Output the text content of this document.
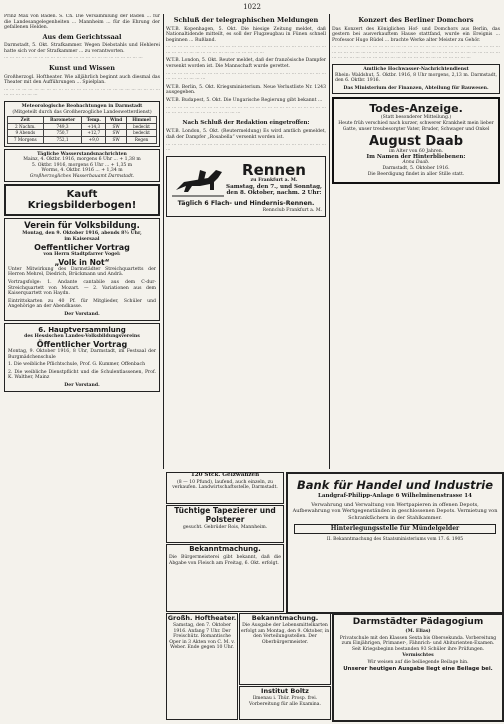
1022

Prinz Max von Baden. S. Ch. Die Versammlung der Baden ... für die Landesangelegenheiten ... Mannheim ... für die Ehrung der gefallenen Helden.

Aus dem Gerichtssaal

Darmstadt, 5. Okt. Strafkammer. Wegen Diebstahls und Hehlerei hatte sich vor der Strafkammer ... zu verantworten.

··· ··· ··· ··· ··· ··· ··· ··· ··· ··· ··· ··· ··· ··· ··· ··· ··· ··· ··· ··· ··· ··· ··· ···

Kunst und Wissen

Großherzogl. Hoftheater. Wie alljährlich beginnt auch diesmal das Theater mit den Aufführungen ... Spielplan.

··· ··· ··· ··· ··· ··· ··· ··· ··· ··· ··· ··· ··· ··· ··· ··· ··· ··· ··· ··· ··· ··· ··· ··· ··· ··· ··· ··· ··· ··· ··· ···

Meteorologische Beobachtungen in Darmstadt
(Mitgeteilt durch das Großherzogliche Landeswetterdienst)
Zeit	Barometer	Temp.	Wind	Himmel
2 Nachm.	749,3	+14,3	SW	bedeckt
9 Abends	750,7	+12,7	SW	bedeckt
7 Morgens	752,1	+9,0	SW	Regen
Tägliche Wasserstandsnachrichten
Mainz, 4. Oktbr. 1916, morgens 6 Uhr ... + 1,38 m
5. Oktbr. 1916, morgens 6 Uhr ... + 1,35 m
Worms, 4. Oktbr. 1916 ... + 1,34 m
Großherzogliches Wasserbauamt Darmstadt.
Kauft
Kriegsbilderbogen!
Verein für Volksbildung.
Montag, den 9. Oktober 1916, abends 8½ Uhr,
im Kaisersaal
Oeffentlicher Vortrag
von Herrn Stadtpfarrer Vogel:
„Volk in Not“

Unter Mitwirkung des Darmstädter Streichquartetts der Herren Mehrel, Diedrich, Brückmann und Andrä.

Vortragsfolge: 1. Andante cantabile aus dem C-dur-Streichquartett von Mozart. — 2. Variationen aus dem Kaiserquartett von Haydn.

Eintrittskarten zu 40 Pf. für Mitglieder, Schüler und Angehörige an der Abendkasse.

Der Vorstand.
6. Hauptversammlung
des Hessischen Landes-Volksbildungsvereins
Öffentlicher Vortrag

Montag, 9. Oktober 1916, 8 Uhr, Darmstadt, im Festsaal der Burgmädchenschule

1. Die weibliche Pflichtschule, Prof. G. Kummer, Offenbach

2. Die weibliche Dienstpflicht und die Schulentlassenen, Prof. K. Walther, Mainz

Der Vorstand.
Schluß der telegraphischen Meldungen

W.T.B. Kopenhagen, 5. Okt. Die hiesige Zeitung meldet, daß Nationaltidende mitteilt, es soll der Flugzeugbau in Fünen schnell beginnen ... Rußland.

··· ··· ··· ··· ··· ··· ··· ··· ··· ··· ··· ··· ··· ··· ··· ··· ··· ··· ··· ··· ··· ··· ··· ··· ··· ··· ··· ··· ··· ··· ··· ··· ··· ··· ··· ··· ··· ··· ··· ··· ··· ··· ··· ···

W.T.B. London, 5. Okt. Reuter meldet, daß der französische Dampfer versenkt worden ist. Die Mannschaft wurde gerettet.

··· ··· ··· ··· ··· ··· ··· ··· ··· ··· ··· ··· ··· ··· ··· ··· ··· ··· ··· ··· ··· ··· ··· ··· ··· ··· ··· ··· ··· ··· ··· ··· ··· ···

W.T.B. Berlin, 5. Okt. Kriegsministerium. Neue Verlustliste Nr. 1243 ausgegeben.

W.T.B. Budapest, 5. Okt. Die Ungarische Regierung gibt bekannt ...

··· ··· ··· ··· ··· ··· ··· ··· ··· ··· ··· ··· ··· ··· ··· ··· ··· ··· ··· ··· ··· ··· ··· ··· ··· ··· ··· ··· ··· ··· ··· ··· ··· ··· ··· ··· ··· ··· ··· ···

Nach Schluß der Redaktion eingetroffen:

W.T.B. London, 5. Okt. (Reutermeldung) Es wird amtlich gemeldet, daß der Dampfer „Rosabella“ versenkt worden ist.

··· ··· ··· ··· ··· ··· ··· ··· ··· ··· ··· ··· ··· ··· ··· ··· ··· ··· ··· ··· ··· ··· ··· ··· ··· ··· ··· ···

Rennen
zu Frankfurt a. M.
Samstag, den 7., und Sonntag, den 8. Oktober, nachm. 2 Uhr:
Täglich 6 Flach- und Hindernis-Rennen.
Rennclub Frankfurt a. M.
Konzert des Berliner Domchors

Das Konzert des Königlichen Hof- und Domchors aus Berlin, das gestern bei ausverkauftem Hause stattfand, wurde ein Ereignis ... Professor Hugo Rüdel ... brachte Werke alter Meister zu Gehör.

··· ··· ··· ··· ··· ··· ··· ··· ··· ··· ··· ··· ··· ··· ··· ··· ··· ··· ··· ··· ··· ··· ··· ··· ··· ··· ··· ··· ··· ··· ··· ··· ··· ··· ··· ··· ··· ··· ··· ··· ··· ··· ··· ··· ··· ··· ··· ··· ··· ··· ··· ··· ··· ··· ··· ··· ··· ··· ··· ··· ··· ··· ··· ··· ··· ··· ··· ··· ··· ··· ··· ··· ··· ··· ··· ··· ··· ··· ··· ··· ··· ···

Amtliche Hochwasser-Nachrichtendienst

Rhein: Waldshut, 5. Oktbr. 1916, 8 Uhr morgens, 2,13 m. Darmstadt, den 6. Oktbr. 1916.

Das Ministerium der Finanzen, Abteilung für Bauwesen.
Todes-Anzeige.
(Statt besonderer Mitteilung.)

Heute früh verschied nach kurzer, schwerer Krankheit mein lieber Gatte, unser treubesorgter Vater, Bruder, Schwager und Onkel

August Daab
im Alter von 60 Jahren.
Im Namen der Hinterbliebenen:
Anna Daab.
Darmstadt, 5. Oktober 1916.

Die Beerdigung findet in aller Stille statt.

Bank für Handel und Industrie
Landgraf-Philipp-Anlage 6 Wilhelminenstrasse 14

Verwahrung und Verwaltung von Wertpapieren in offenen Depots, Aufbewahrung von Wertgegenständen in geschlossenen Depots. Vermietung von Schrankfächern in der Stahlkammer.

Hinterlegungsstelle für Mündelgelder
II. Bekanntmachung des Staatsministeriums vom 17. 6. 1905

120 Stck. Gelzwanzen

(8 — 10 Pfund), laufend, auch einzeln, zu verkaufen. Landwirtschaftsstelle, Darmstadt.

Tüchtige Tapezierer und Polsterer

gesucht. Gebrüder Rois, Mannheim.

Bekanntmachung.

Die Bürgermeisterei gibt bekannt, daß die Abgabe von Fleisch am Freitag, 6. Okt. erfolgt.

Großh. Hoftheater.

Samstag, den 7. Oktober 1916. Anfang 7 Uhr. Der Freischütz. Romantische Oper in 3 Akten von C. M. v. Weber. Ende gegen 10 Uhr.

Bekanntmachung.

Die Ausgabe der Lebensmittelkarten erfolgt am Montag, den 9. Oktober, in den Verteilungsstellen. Der Oberbürgermeister.

Institut Boltz

Ilmenau i. Thür. Prosp. frei. Vorbereitung für alle Examina.

Darmstädter Pädagogium

(M. Elias)

Privatschule mit den Klassen Sexta bis Obersekunda. Vorbereitung zum Einjährigen, Primaner-, Fähnrich- und Abiturienten-Examen. Seit Kriegsbeginn bestanden 93 Schüler ihre Prüfungen.

Vermischtes

Wir weisen auf die beiliegende Beilage hin.

Unserer heutigen Ausgabe liegt eine Beilage bei.
